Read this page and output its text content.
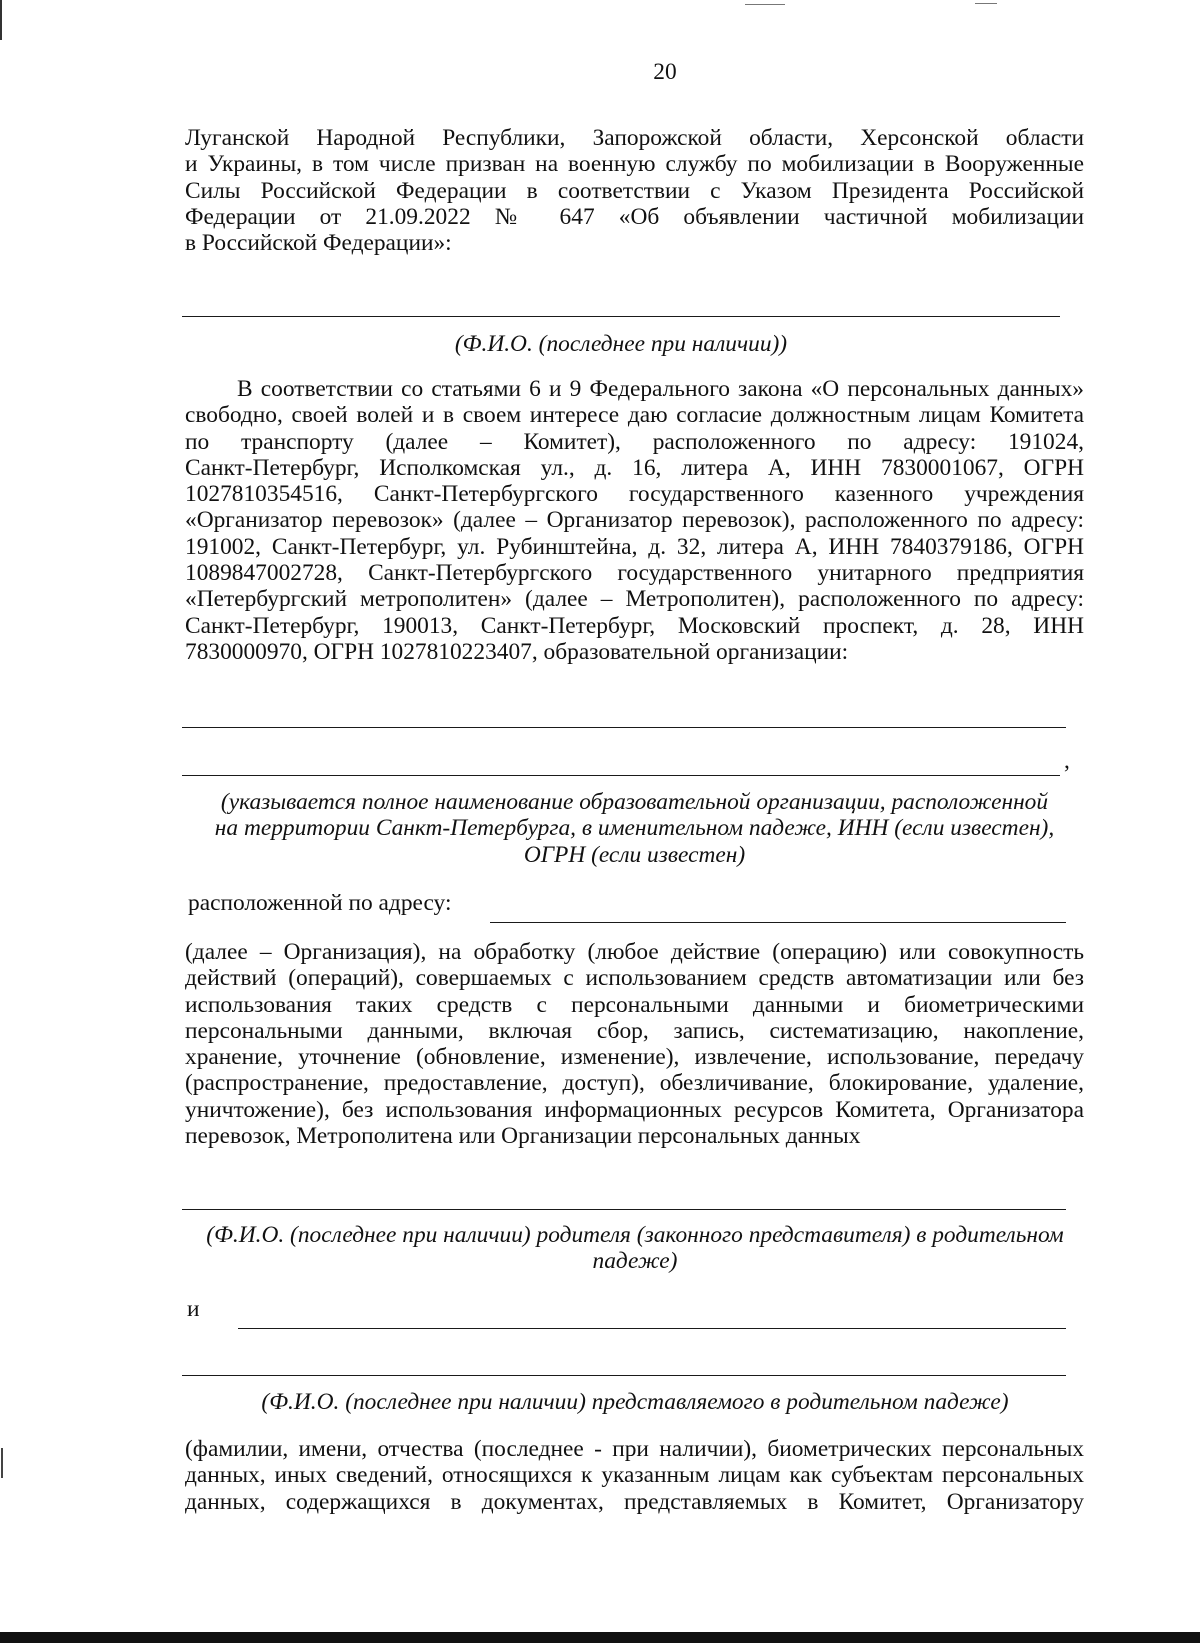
20
Луганской Народной Республики, Запорожской области, Херсонской области
и Украины, в том числе призван на военную службу по мобилизации в Вооруженные
Силы Российской Федерации в соответствии с Указом Президента Российской
Федерации от 21.09.2022 № 647 «Об объявлении частичной мобилизации
в Российской Федерации»:
(Ф.И.О. (последнее при наличии))
В соответствии со статьями 6 и 9 Федерального закона «О персональных данных»
свободно, своей волей и в своем интересе даю согласие должностным лицам Комитета
по транспорту (далее – Комитет), расположенного по адресу: 191024,
Санкт-Петербург, Исполкомская ул., д. 16, литера А, ИНН 7830001067, ОГРН
1027810354516, Санкт-Петербургского государственного казенного учреждения
«Организатор перевозок» (далее – Организатор перевозок), расположенного по адресу:
191002, Санкт-Петербург, ул. Рубинштейна, д. 32, литера А, ИНН 7840379186, ОГРН
1089847002728, Санкт-Петербургского государственного унитарного предприятия
«Петербургский метрополитен» (далее – Метрополитен), расположенного по адресу:
Санкт-Петербург, 190013, Санкт-Петербург, Московский проспект, д. 28, ИНН
7830000970, ОГРН 1027810223407, образовательной организации:
,
(указывается полное наименование образовательной организации, расположенной
на территории Санкт-Петербурга, в именительном падеже, ИНН (если известен),
ОГРН (если известен)
расположенной по адресу:
(далее – Организация), на обработку (любое действие (операцию) или совокупность
действий (операций), совершаемых с использованием средств автоматизации или без
использования таких средств с персональными данными и биометрическими
персональными данными, включая сбор, запись, систематизацию, накопление,
хранение, уточнение (обновление, изменение), извлечение, использование, передачу
(распространение, предоставление, доступ), обезличивание, блокирование, удаление,
уничтожение), без использования информационных ресурсов Комитета, Организатора
перевозок, Метрополитена или Организации персональных данных
(Ф.И.О. (последнее при наличии) родителя (законного представителя) в родительном
падеже)
и
(Ф.И.О. (последнее при наличии) представляемого в родительном падеже)
(фамилии, имени, отчества (последнее - при наличии), биометрических персональных
данных, иных сведений, относящихся к указанным лицам как субъектам персональных
данных, содержащихся в документах, представляемых в Комитет, Организатору
